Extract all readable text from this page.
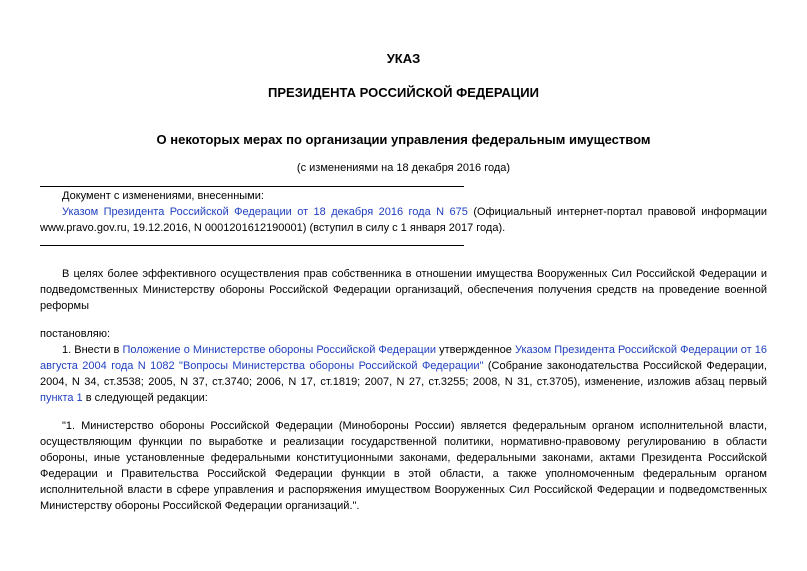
УКАЗ
ПРЕЗИДЕНТА РОССИЙСКОЙ ФЕДЕРАЦИИ
О некоторых мерах по организации управления федеральным имуществом
(с изменениями на 18 декабря 2016 года)
Документ с изменениями, внесенными:
Указом Президента Российской Федерации от 18 декабря 2016 года N 675 (Официальный интернет-портал правовой информации www.pravo.gov.ru, 19.12.2016, N 0001201612190001) (вступил в силу с 1 января 2017 года).
В целях более эффективного осуществления прав собственника в отношении имущества Вооруженных Сил Российской Федерации и подведомственных Министерству обороны Российской Федерации организаций, обеспечения получения средств на проведение военной реформы
постановляю:
1. Внести в Положение о Министерстве обороны Российской Федерации утвержденное Указом Президента Российской Федерации от 16 августа 2004 года N 1082 "Вопросы Министерства обороны Российской Федерации" (Собрание законодательства Российской Федерации, 2004, N 34, ст.3538; 2005, N 37, ст.3740; 2006, N 17, ст.1819; 2007, N 27, ст.3255; 2008, N 31, ст.3705), изменение, изложив абзац первый пункта 1 в следующей редакции:
"1. Министерство обороны Российской Федерации (Минобороны России) является федеральным органом исполнительной власти, осуществляющим функции по выработке и реализации государственной политики, нормативно-правовому регулированию в области обороны, иные установленные федеральными конституционными законами, федеральными законами, актами Президента Российской Федерации и Правительства Российской Федерации функции в этой области, а также уполномоченным федеральным органом исполнительной власти в сфере управления и распоряжения имуществом Вооруженных Сил Российской Федерации и подведомственных Министерству обороны Российской Федерации организаций.".
